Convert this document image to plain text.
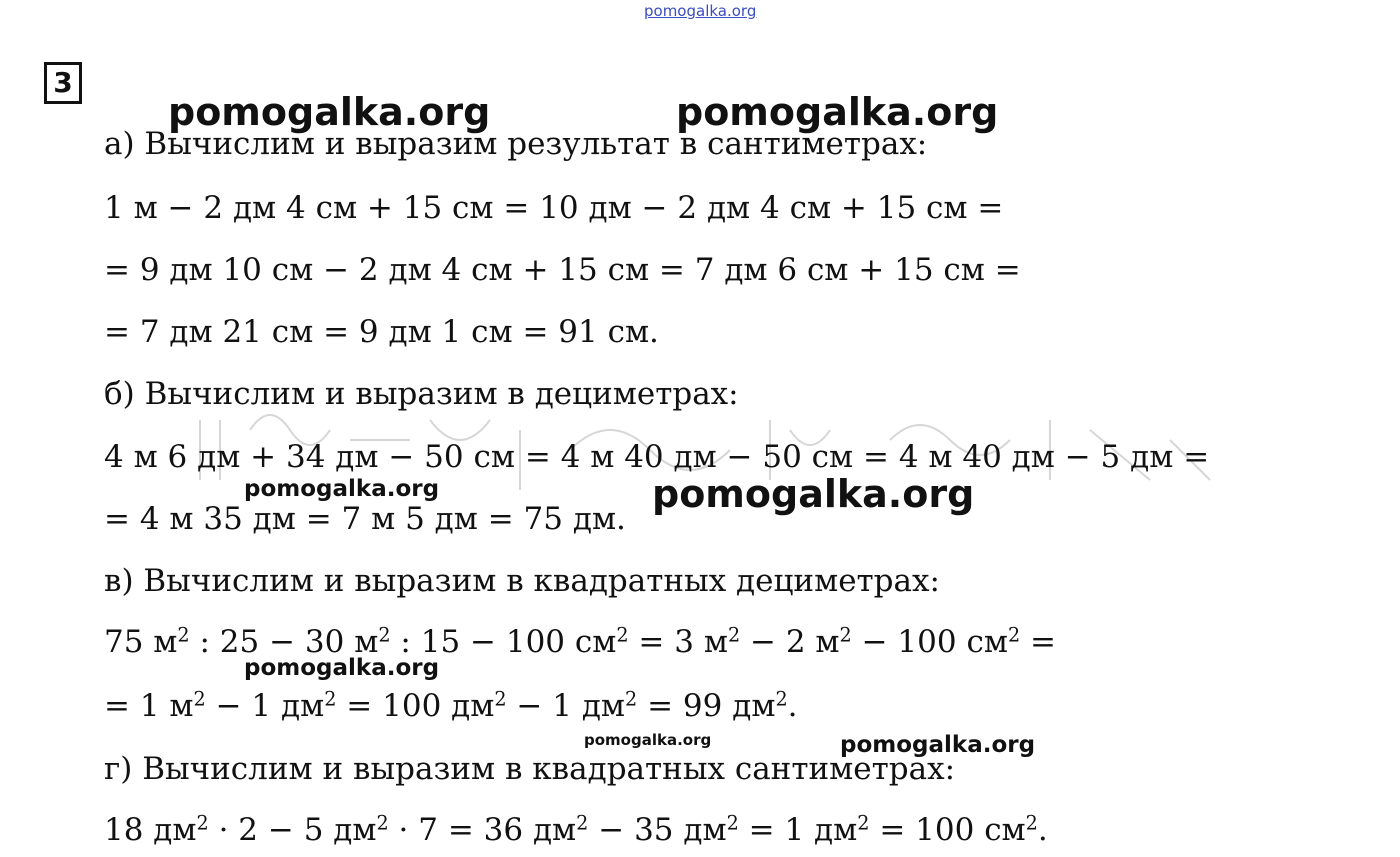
pomogalka.org
3
а) Вычислим и выразим результат в сантиметрах:
1 м − 2 дм 4 см + 15 см = 10 дм − 2 дм 4 см + 15 см =
= 9 дм 10 см − 2 дм 4 см + 15 см = 7 дм 6 см + 15 см =
= 7 дм 21 см = 9 дм 1 см = 91 см.
б) Вычислим и выразим в дециметрах:
4 м 6 дм + 34 дм − 50 см = 4 м 40 дм − 50 см = 4 м 40 дм − 5 дм =
= 4 м 35 дм = 7 м 5 дм = 75 дм.
в) Вычислим и выразим в квадратных дециметрах:
75 $м^2$ : 25 − 30 $м^2$ : 15 − 100 $см^2 = 3$ $м^2 - 2$ $м^2 - 100$ $см^2$ =
= 1 $м^2 - 1$ $дм^2 = 100$ $дм^2 - 1$ $дм^2 = 99$ $дм^2$.
г) Вычислим и выразим в квадратных сантиметрах:
18 $дм^2 \cdot 2 - 5$ $дм^2 \cdot 7 = 36$ $дм^2 - 35$ $дм^2 = 1$ $дм^2 = 100$ $см^2$.
pomogalka.org	pomogalka.org
pomogalka.org	pomogalka.org
pomogalka.org
pomogalka.org	pomogalka.org
